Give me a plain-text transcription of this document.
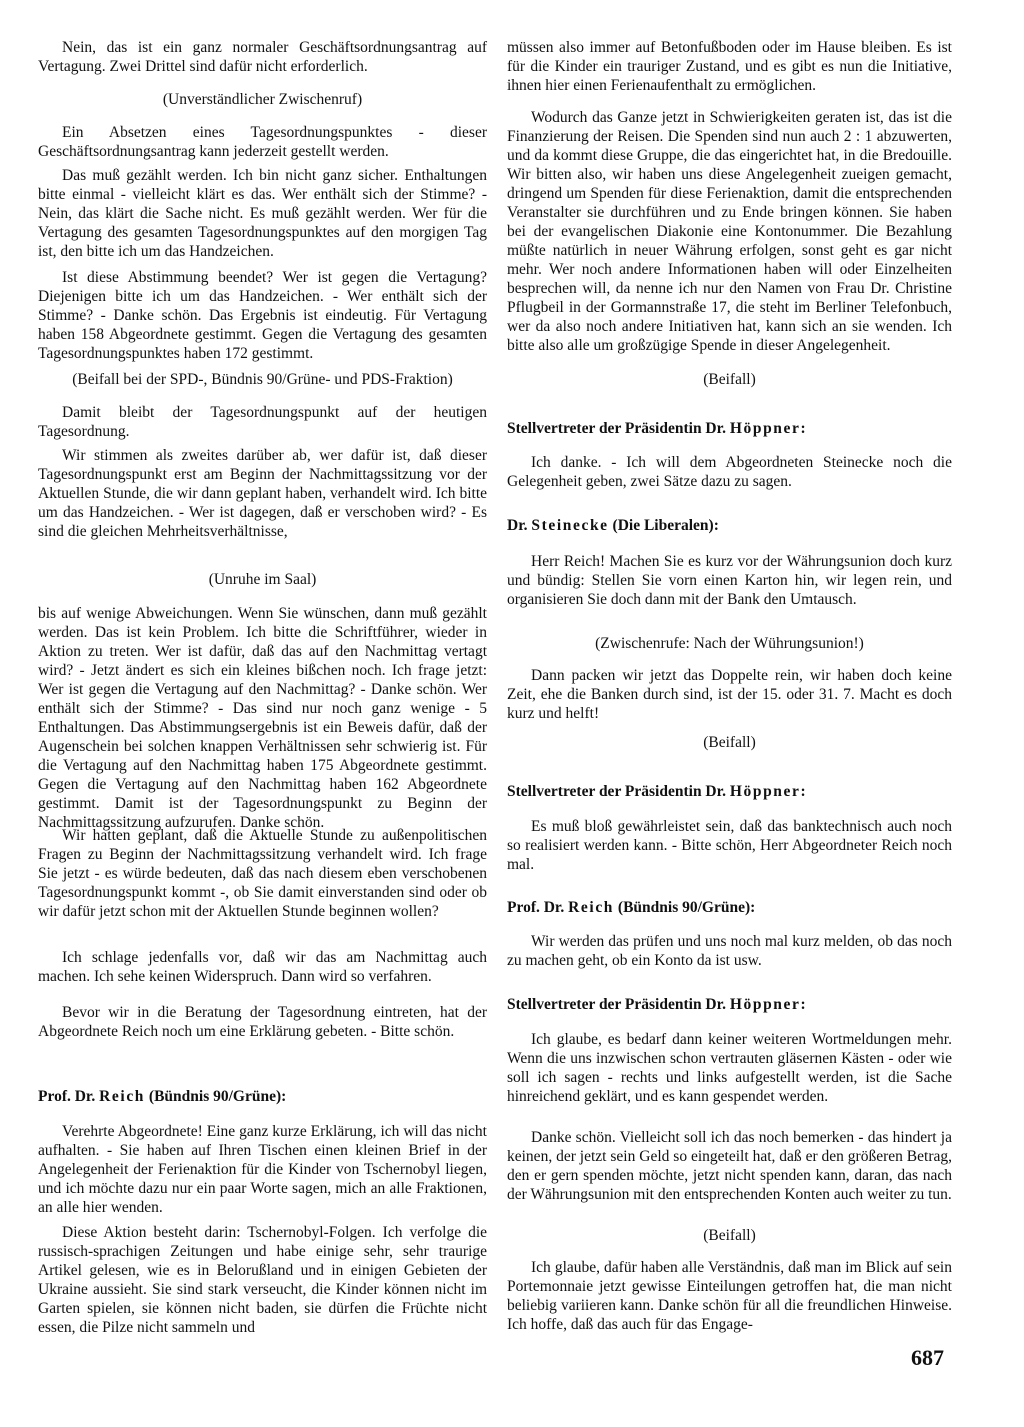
Nein, das ist ein ganz normaler Geschäftsordnungsantrag auf Vertagung. Zwei Drittel sind dafür nicht erforderlich.

(Unverständlicher Zwischenruf)

Ein Absetzen eines Tagesordnungspunktes - dieser Geschäftsordnungsantrag kann jederzeit gestellt werden.

Das muß gezählt werden. Ich bin nicht ganz sicher. Enthaltungen bitte einmal - vielleicht klärt es das. Wer enthält sich der Stimme? - Nein, das klärt die Sache nicht. Es muß gezählt werden. Wer für die Vertagung des gesamten Tagesordnungspunktes auf den morgigen Tag ist, den bitte ich um das Handzeichen.

Ist diese Abstimmung beendet? Wer ist gegen die Vertagung? Diejenigen bitte ich um das Handzeichen. - Wer enthält sich der Stimme? - Danke schön. Das Ergebnis ist eindeutig. Für Vertagung haben 158 Abgeordnete gestimmt. Gegen die Vertagung des gesamten Tagesordnungspunktes haben 172 gestimmt.

(Beifall bei der SPD-, Bündnis 90/Grüne- und PDS-Fraktion)

Damit bleibt der Tagesordnungspunkt auf der heutigen Tagesordnung.

Wir stimmen als zweites darüber ab, wer dafür ist, daß dieser Tagesordnungspunkt erst am Beginn der Nachmittagssitzung vor der Aktuellen Stunde, die wir dann geplant haben, verhandelt wird. Ich bitte um das Handzeichen. - Wer ist dagegen, daß er verschoben wird? - Es sind die gleichen Mehrheitsverhältnisse,

(Unruhe im Saal)

bis auf wenige Abweichungen. Wenn Sie wünschen, dann muß gezählt werden. Das ist kein Problem. Ich bitte die Schriftführer, wieder in Aktion zu treten. Wer ist dafür, daß das auf den Nachmittag vertagt wird? - Jetzt ändert es sich ein kleines bißchen noch. Ich frage jetzt: Wer ist gegen die Vertagung auf den Nachmittag? - Danke schön. Wer enthält sich der Stimme? - Das sind nur noch ganz wenige - 5 Enthaltungen. Das Abstimmungsergebnis ist ein Beweis dafür, daß der Augenschein bei solchen knappen Verhältnissen sehr schwierig ist. Für die Vertagung auf den Nachmittag haben 175 Abgeordnete gestimmt. Gegen die Vertagung auf den Nachmittag haben 162 Abgeordnete gestimmt. Damit ist der Tagesordnungspunkt zu Beginn der Nachmittagssitzung aufzurufen. Danke schön.

Wir hatten geplant, daß die Aktuelle Stunde zu außenpolitischen Fragen zu Beginn der Nachmittagssitzung verhandelt wird. Ich frage Sie jetzt - es würde bedeuten, daß das nach diesem eben verschobenen Tagesordnungspunkt kommt -, ob Sie damit einverstanden sind oder ob wir dafür jetzt schon mit der Aktuellen Stunde beginnen wollen?

Ich schlage jedenfalls vor, daß wir das am Nachmittag auch machen. Ich sehe keinen Widerspruch. Dann wird so verfahren.

Bevor wir in die Beratung der Tagesordnung eintreten, hat der Abgeordnete Reich noch um eine Erklärung gebeten. - Bitte schön.

Prof. Dr. Reich (Bündnis 90/Grüne):

Verehrte Abgeordnete! Eine ganz kurze Erklärung, ich will das nicht aufhalten. - Sie haben auf Ihren Tischen einen kleinen Brief in der Angelegenheit der Ferienaktion für die Kinder von Tschernobyl liegen, und ich möchte dazu nur ein paar Worte sagen, mich an alle Fraktionen, an alle hier wenden.

Diese Aktion besteht darin: Tschernobyl-Folgen. Ich verfolge die russisch-sprachigen Zeitungen und habe einige sehr, sehr traurige Artikel gelesen, wie es in Belorußland und in einigen Gebieten der Ukraine aussieht. Sie sind stark verseucht, die Kinder können nicht im Garten spielen, sie können nicht baden, sie dürfen die Früchte nicht essen, die Pilze nicht sammeln und

müssen also immer auf Betonfußboden oder im Hause bleiben. Es ist für die Kinder ein trauriger Zustand, und es gibt es nun die Initiative, ihnen hier einen Ferienaufenthalt zu ermöglichen.

Wodurch das Ganze jetzt in Schwierigkeiten geraten ist, das ist die Finanzierung der Reisen. Die Spenden sind nun auch 2 : 1 abzuwerten, und da kommt diese Gruppe, die das eingerichtet hat, in die Bredouille. Wir bitten also, wir haben uns diese Angelegenheit zueigen gemacht, dringend um Spenden für diese Ferienaktion, damit die entsprechenden Veranstalter sie durchführen und zu Ende bringen können. Sie haben bei der evangelischen Diakonie eine Kontonummer. Die Bezahlung müßte natürlich in neuer Währung erfolgen, sonst geht es gar nicht mehr. Wer noch andere Informationen haben will oder Einzelheiten besprechen will, da nenne ich nur den Namen von Frau Dr. Christine Pflugbeil in der Gormannstraße 17, die steht im Berliner Telefonbuch, wer da also noch andere Initiativen hat, kann sich an sie wenden. Ich bitte also alle um großzügige Spende in dieser Angelegenheit.

(Beifall)

Stellvertreter der Präsidentin Dr. Höppner:

Ich danke. - Ich will dem Abgeordneten Steinecke noch die Gelegenheit geben, zwei Sätze dazu zu sagen.

Dr. Steinecke (Die Liberalen):

Herr Reich! Machen Sie es kurz vor der Währungsunion doch kurz und bündig: Stellen Sie vorn einen Karton hin, wir legen rein, und organisieren Sie doch dann mit der Bank den Umtausch.

(Zwischenrufe: Nach der Wührungsunion!)

Dann packen wir jetzt das Doppelte rein, wir haben doch keine Zeit, ehe die Banken durch sind, ist der 15. oder 31. 7. Macht es doch kurz und helft!

(Beifall)

Stellvertreter der Präsidentin Dr. Höppner:

Es muß bloß gewährleistet sein, daß das banktechnisch auch noch so realisiert werden kann. - Bitte schön, Herr Abgeordneter Reich noch mal.

Prof. Dr. Reich (Bündnis 90/Grüne):

Wir werden das prüfen und uns noch mal kurz melden, ob das noch zu machen geht, ob ein Konto da ist usw.

Stellvertreter der Präsidentin Dr. Höppner:

Ich glaube, es bedarf dann keiner weiteren Wortmeldungen mehr. Wenn die uns inzwischen schon vertrauten gläsernen Kästen - oder wie soll ich sagen - rechts und links aufgestellt werden, ist die Sache hinreichend geklärt, und es kann gespendet werden.

Danke schön. Vielleicht soll ich das noch bemerken - das hindert ja keinen, der jetzt sein Geld so eingeteilt hat, daß er den größeren Betrag, den er gern spenden möchte, jetzt nicht spenden kann, daran, das nach der Währungsunion mit den entsprechenden Konten auch weiter zu tun.

(Beifall)

Ich glaube, dafür haben alle Verständnis, daß man im Blick auf sein Portemonnaie jetzt gewisse Einteilungen getroffen hat, die man nicht beliebig variieren kann. Danke schön für all die freundlichen Hinweise. Ich hoffe, daß das auch für das Engage-

687
